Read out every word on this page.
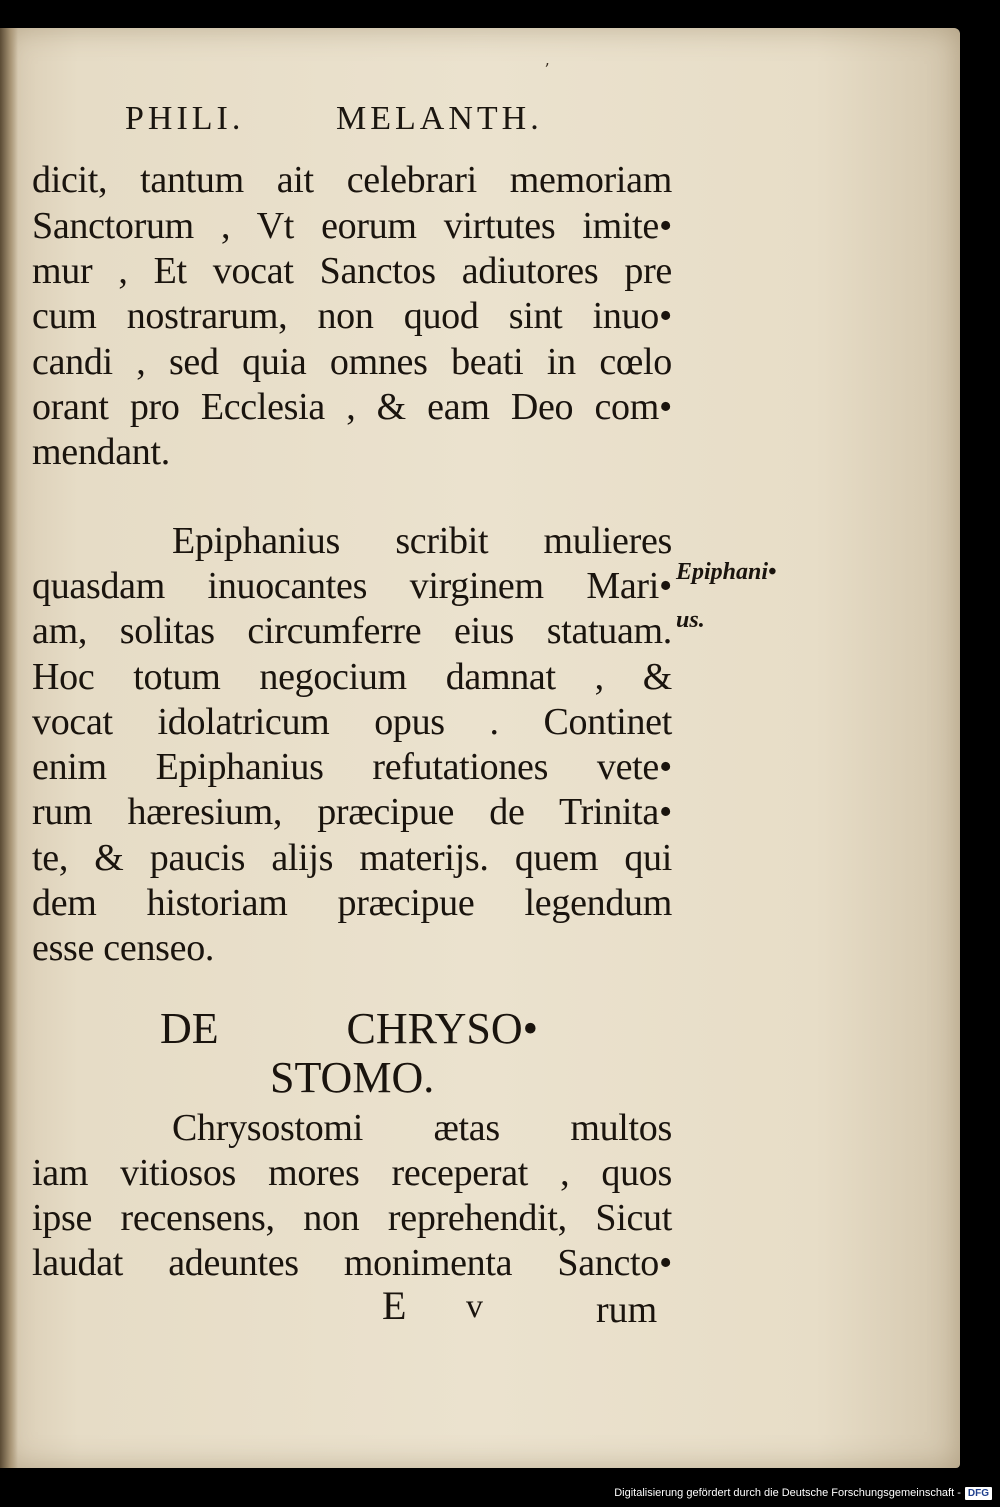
ʼ
PHILI.	MELANTH.
dicit, tantum ait celebrari memoriam
Sanctorum , Vt eorum virtutes imite•
mur , Et vocat Sanctos adiutores pre
cum nostrarum, non quod sint inuo•
candi , sed quia omnes beati in cœlo
orant pro Ecclesia , & eam Deo com•
mendant.
Epiphanius scribit mulieres
quasdam inuocantes virginem Mari•
am, solitas circumferre eius statuam.
Hoc totum negocium damnat , &
vocat idolatricum opus . Continet
enim Epiphanius refutationes vete•
rum hæresium, præcipue de Trinita•
te, & paucis alijs materijs. quem qui
dem historiam præcipue legendum
esse censeo.
Chrysostomi ætas multos
iam vitiosos mores receperat , quos
ipse recensens, non reprehendit, Sicut
laudat adeuntes monimenta Sancto•
Epiphani•
us.
DE CHRYSO•
STOMO.
E v	rum
Digitalisierung gefördert durch die Deutsche Forschungsgemeinschaft - DFG
